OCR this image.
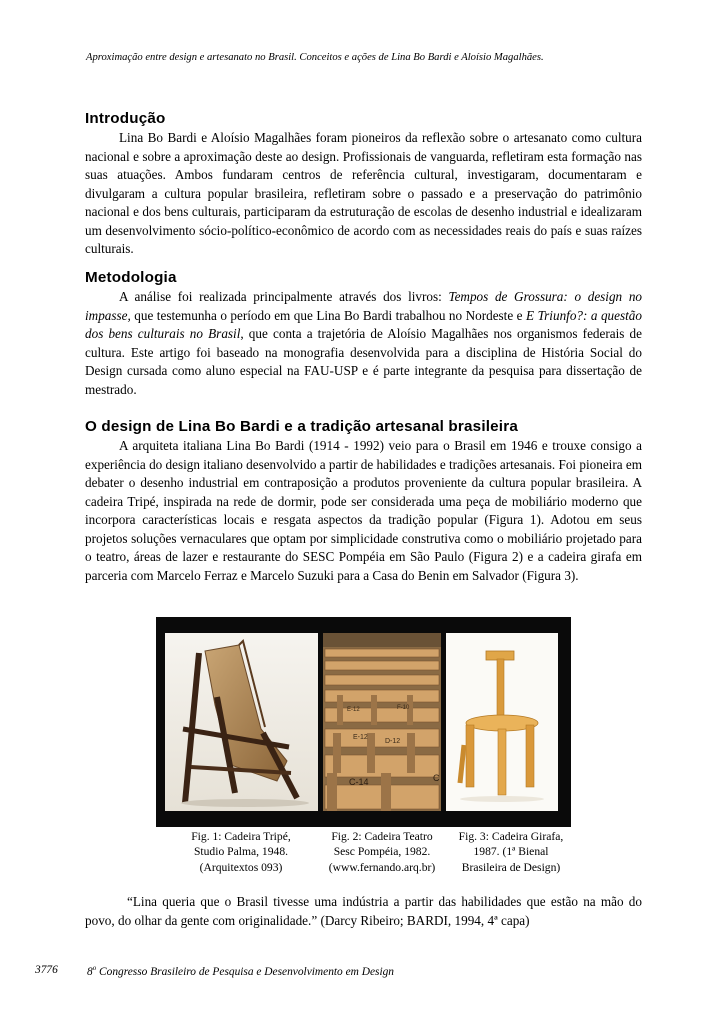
Aproximação entre design e artesanato no Brasil. Conceitos e ações de Lina Bo Bardi e Aloísio Magalhães.
Introdução

Lina Bo Bardi e Aloísio Magalhães foram pioneiros da reflexão sobre o artesanato como cultura nacional e sobre a aproximação deste ao design. Profissionais de vanguarda, refletiram esta formação nas suas atuações. Ambos fundaram centros de referência cultural, investigaram, documentaram e divulgaram a cultura popular brasileira, refletiram sobre o passado e a preservação do patrimônio nacional e dos bens culturais, participaram da estruturação de escolas de desenho industrial e idealizaram um desenvolvimento sócio-político-econômico de acordo com as necessidades reais do país e suas raízes culturais.

Metodologia

A análise foi realizada principalmente através dos livros: Tempos de Grossura: o design no impasse, que testemunha o período em que Lina Bo Bardi trabalhou no Nordeste e E Triunfo?: a questão dos bens culturais no Brasil, que conta a trajetória de Aloísio Magalhães nos organismos federais de cultura. Este artigo foi baseado na monografia desenvolvida para a disciplina de História Social do Design cursada como aluno especial na FAU-USP e é parte integrante da pesquisa para dissertação de mestrado.

O design de Lina Bo Bardi e a tradição artesanal brasileira

A arquiteta italiana Lina Bo Bardi (1914 - 1992) veio para o Brasil em 1946 e trouxe consigo a experiência do design italiano desenvolvido a partir de habilidades e tradições artesanais. Foi pioneira em debater o desenho industrial em contraposição a produtos proveniente da cultura popular brasileira. A cadeira Tripé, inspirada na rede de dormir, pode ser considerada uma peça de mobiliário moderno que incorpora características locais e resgata aspectos da tradição popular (Figura 1). Adotou em seus projetos soluções vernaculares que optam por simplicidade construtiva como o mobiliário projetado para o teatro, áreas de lazer e restaurante do SESC Pompéia em São Paulo (Figura 2) e a cadeira girafa em parceria com Marcelo Ferraz e Marcelo Suzuki para a Casa do Benin em Salvador (Figura 3).

E-12	F-10
E-12
D-12
C-14	C
Fig. 1: Cadeira Tripé,
Studio Palma, 1948.
(Arquitextos 093)
Fig. 2: Cadeira Teatro
Sesc Pompéia, 1982.
(www.fernando.arq.br)
Fig. 3: Cadeira Girafa,
1987. (1ª Bienal
Brasileira de Design)

“Lina queria que o Brasil tivesse uma indústria a partir das habilidades que estão na mão do povo, do olhar da gente com originalidade.” (Darcy Ribeiro; BARDI, 1994, 4ª capa)

3776	8$^o$ Congresso Brasileiro de Pesquisa e Desenvolvimento em Design
